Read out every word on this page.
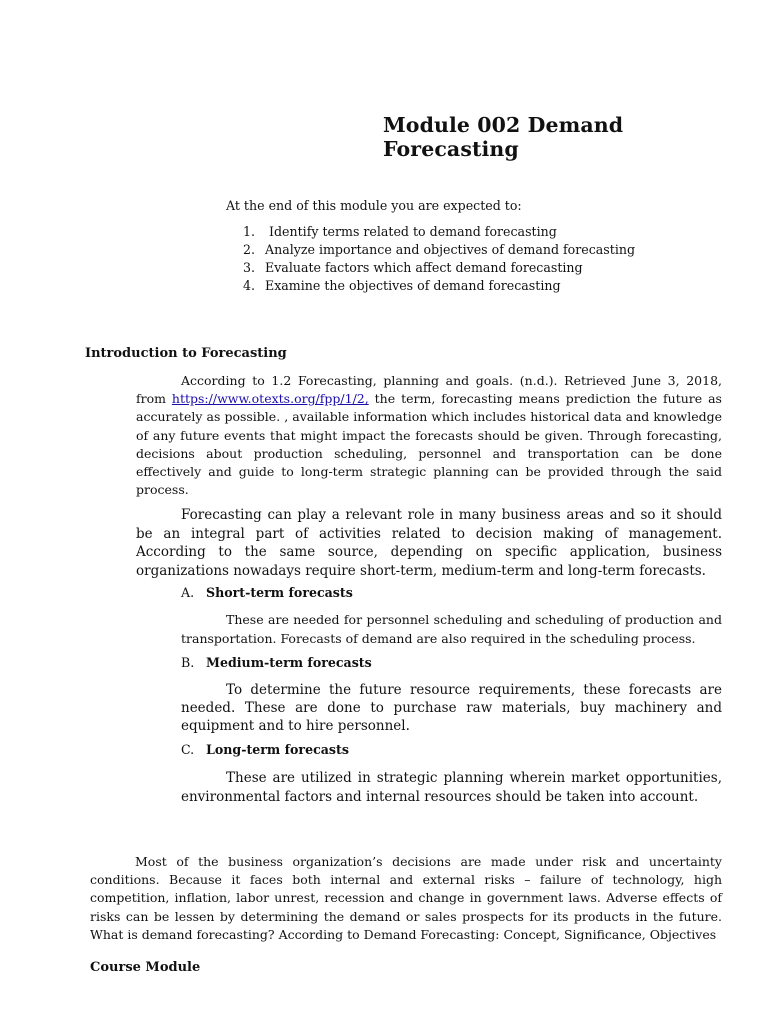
Module 002 Demand Forecasting
At the end of this module you are expected to:
1. Identify terms related to demand forecasting
2. Analyze importance and objectives of demand forecasting
3. Evaluate factors which affect demand forecasting
4. Examine the objectives of demand forecasting
Introduction to Forecasting

According to 1.2 Forecasting, planning and goals. (n.d.). Retrieved June 3, 2018, from https://www.otexts.org/fpp/1/2, the term, forecasting means prediction the future as accurately as possible. , available information which includes historical data and knowledge of any future events that might impact the forecasts should be given. Through forecasting, decisions about production scheduling, personnel and transportation can be done effectively and guide to long-term strategic planning can be provided through the said process.

Forecasting can play a relevant role in many business areas and so it should be an integral part of activities related to decision making of management. According to the same source, depending on specific application, business organizations nowadays require short-term, medium-term and long-term forecasts.

A. Short-term forecasts

These are needed for personnel scheduling and scheduling of production and transportation. Forecasts of demand are also required in the scheduling process.

B. Medium-term forecasts

To determine the future resource requirements, these forecasts are needed. These are done to purchase raw materials, buy machinery and equipment and to hire personnel.

C. Long-term forecasts

These are utilized in strategic planning wherein market opportunities, environmental factors and internal resources should be taken into account.

Most of the business organization’s decisions are made under risk and uncertainty conditions. Because it faces both internal and external risks – failure of technology, high competition, inflation, labor unrest, recession and change in government laws. Adverse effects of risks can be lessen by determining the demand or sales prospects for its products in the future. What is demand forecasting? According to Demand Forecasting: Concept, Significance, Objectives

Course Module
